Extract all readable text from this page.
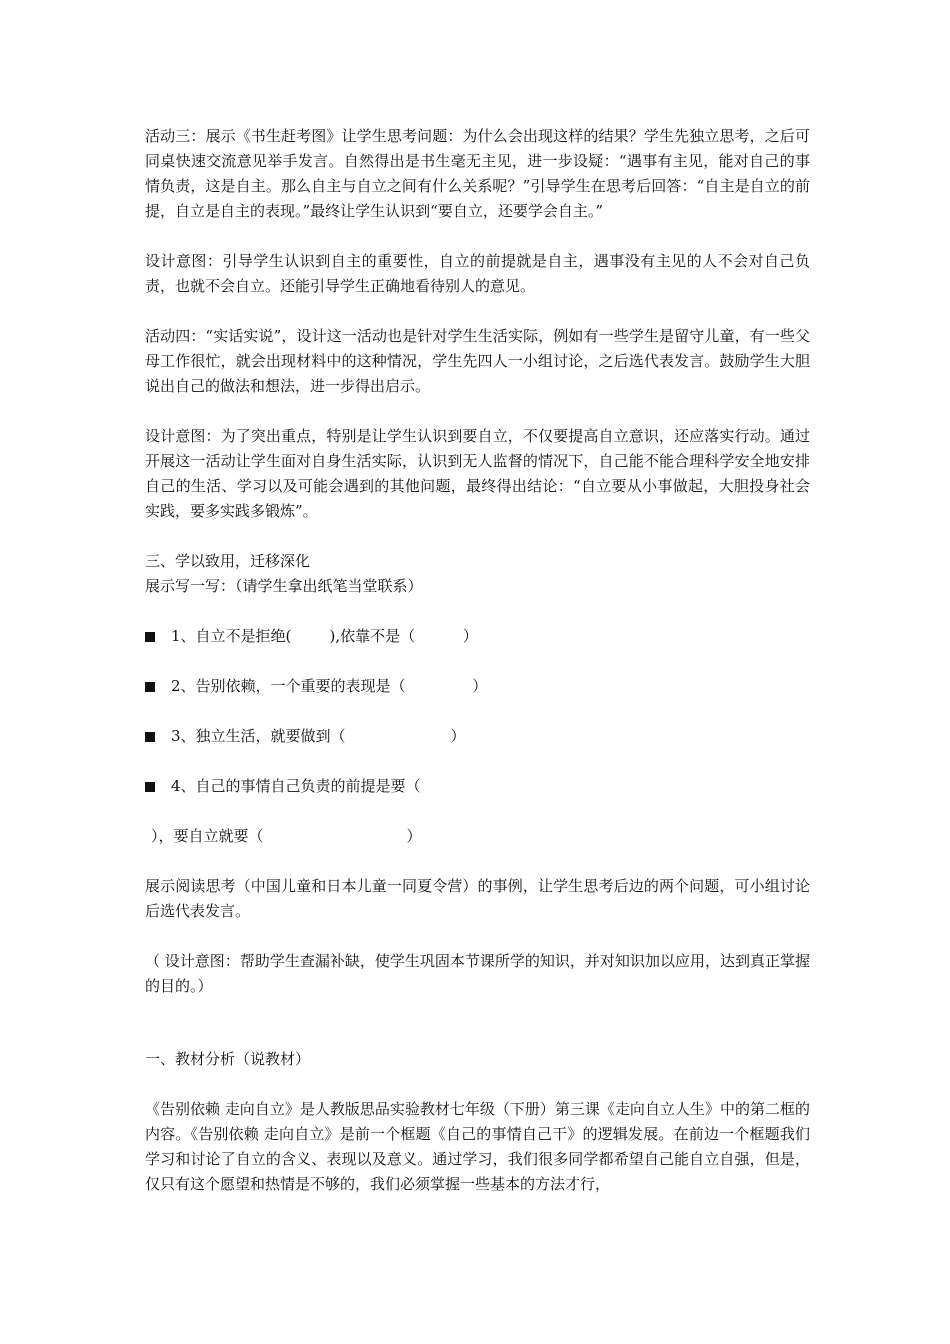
活动三：展示《书生赶考图》让学生思考问题：为什么会出现这样的结果？学生先独立思考，之后可同桌快速交流意见举手发言。自然得出是书生毫无主见，进一步设疑：“遇事有主见，能对自己的事情负责，这是自主。那么自主与自立之间有什么关系呢？”引导学生在思考后回答：“自主是自立的前提，自立是自主的表现。”最终让学生认识到“要自立，还要学会自主。”

设计意图：引导学生认识到自主的重要性，自立的前提就是自主，遇事没有主见的人不会对自己负责，也就不会自立。还能引导学生正确地看待别人的意见。

活动四：“实话实说”，设计这一活动也是针对学生生活实际，例如有一些学生是留守儿童，有一些父母工作很忙，就会出现材料中的这种情况，学生先四人一小组讨论，之后选代表发言。鼓励学生大胆说出自己的做法和想法，进一步得出启示。

设计意图：为了突出重点，特别是让学生认识到要自立，不仅要提高自立意识，还应落实行动。通过开展这一活动让学生面对自身生活实际，认识到无人监督的情况下，自己能不能合理科学安全地安排自己的生活、学习以及可能会遇到的其他问题，最终得出结论：“自立要从小事做起，大胆投身社会实践，要多实践多锻炼”。

三、学以致用，迁移深化

展示写一写：（请学生拿出纸笔当堂联系）

1、自立不是拒绝(        ),依靠不是（          ）
2、告别依赖，一个重要的表现是（              ）
3、独立生活，就要做到（                      ）
4、自己的事情自己负责的前提是要（
），要自立就要（                              ）

展示阅读思考（中国儿童和日本儿童一同夏令营）的事例，让学生思考后边的两个问题，可小组讨论后选代表发言。

（ 设计意图：帮助学生查漏补缺，使学生巩固本节课所学的知识，并对知识加以应用，达到真正掌握的目的。）

一、教材分析（说教材）

《告别依赖 走向自立》是人教版思品实验教材七年级（下册）第三课《走向自立人生》中的第二框的内容。《告别依赖 走向自立》是前一个框题《自己的事情自己干》的逻辑发展。在前边一个框题我们学习和讨论了自立的含义、表现以及意义。通过学习，我们很多同学都希望自己能自立自强，但是，仅只有这个愿望和热情是不够的，我们必须掌握一些基本的方法才行，
